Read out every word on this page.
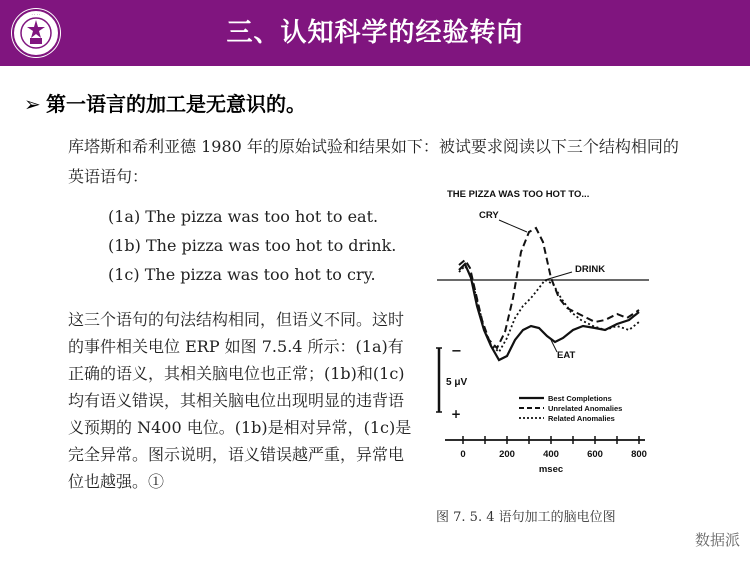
· · · ·
三、认知科学的经验转向
➢ 第一语言的加工是无意识的。
库塔斯和希利亚德 1980 年的原始试验和结果如下：被试要求阅读以下三个结构相同的英语语句：
(1a) The pizza was too hot to eat.
(1b) The pizza was too hot to drink.
(1c) The pizza was too hot to cry.
这三个语句的句法结构相同，但语义不同。这时的事件相关电位 ERP 如图 7.5.4 所示：(1a)有正确的语义，其相关脑电位也正常；(1b)和(1c)均有语义错误，其相关脑电位出现明显的违背语义预期的 N400 电位。(1b)是相对异常，(1c)是完全异常。图示说明，语义错误越严重，异常电位也越强。①
THE PIZZA WAS TOO HOT TO...
CRY
DRINK
EAT
−
5 μV
+
Best Completions
Unrelated Anomalies
Related Anomalies
0	200	400	600	800
msec
图 7. 5. 4 语句加工的脑电位图
数据派
